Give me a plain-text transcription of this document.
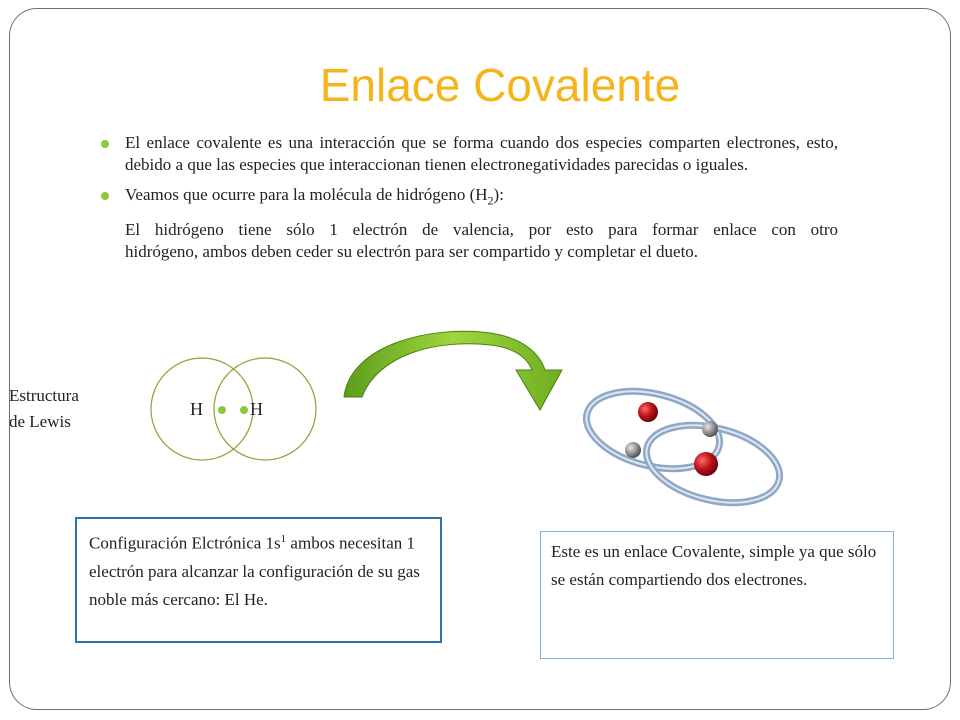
Enlace Covalente
El enlace covalente es una interacción que se forma cuando dos especies comparten electrones, esto, debido a que las especies que interaccionan tienen electronegatividades parecidas o iguales.
Veamos que ocurre para la molécula de hidrógeno $(H_2)$:
El hidrógeno tiene sólo 1 electrón de valencia, por esto para formar enlace con otro
hidrógeno, ambos deben ceder su electrón para ser compartido y completar el dueto.
Estructura
de Lewis
H	H
Configuración Elctrónica $1s^1$ ambos necesitan 1 electrón para alcanzar la configuración de su gas noble más cercano: El He.
Este es un enlace Covalente, simple ya que sólo se están compartiendo dos electrones.
